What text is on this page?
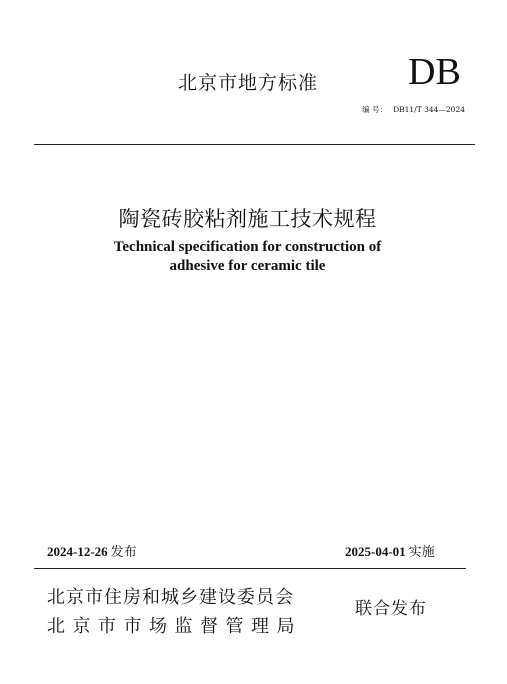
北京市地方标准 DB
编 号： DB11/T 344—2024
陶瓷砖胶粘剂施工技术规程
Technical specification for construction of
adhesive for ceramic tile
2024-12-26 发布	2025-04-01 实施
北京市住房和城乡建设委员会
北京市市场监督管理局
联合发布
